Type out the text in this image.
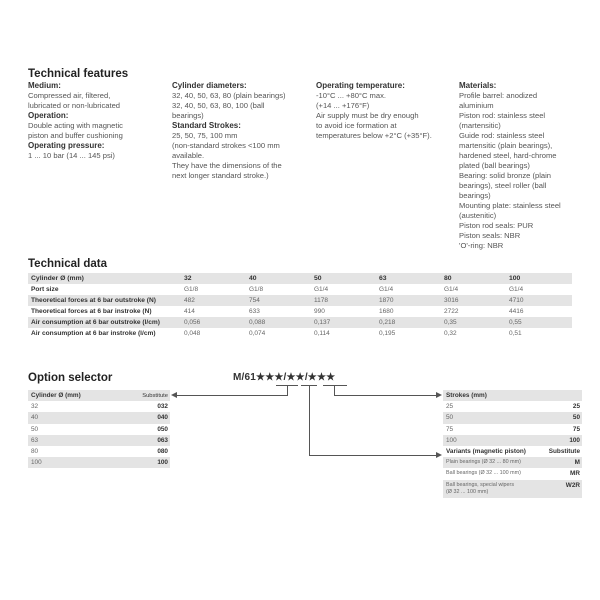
Technical features
Medium:
Compressed air, filtered,
lubricated or non-lubricated
Operation:
Double acting with magnetic
piston and buffer cushioning
Operating pressure:
1 ... 10 bar (14 ... 145 psi)
Cylinder diameters:
32, 40, 50, 63, 80 (plain bearings)
32, 40, 50, 63, 80, 100 (ball
bearings)
Standard Strokes:
25, 50, 75, 100 mm
(non-standard strokes <100 mm
available.
They have the dimensions of the
next longer standard stroke.)
Operating temperature:
-10°C ... +80°C max.
(+14 ... +176°F)
Air supply must be dry enough
to avoid ice formation at
temperatures below +2°C (+35°F).
Materials:
Profile barrel: anodized
aluminium
Piston rod: stainless steel
(martensitic)
Guide rod: stainless steel
martensitic (plain bearings),
hardened steel, hard-chrome
plated (ball bearings)
Bearing: solid bronze (plain
bearings), steel roller (ball
bearings)
Mounting plate: stainless steel
(austenitic)
Piston rod seals: PUR
Piston seals: NBR
'O'-ring: NBR
Technical data
Cylinder Ø (mm)	32	40	50	63	80	100
Port size	G1/8	G1/8	G1/4	G1/4	G1/4	G1/4
Theoretical forces at 6 bar outstroke (N)	482	754	1178	1870	3016	4710
Theoretical forces at 6 bar instroke (N)	414	633	990	1680	2722	4416
Air consumption at 6 bar outstroke (l/cm)	0,056	0,088	0,137	0,218	0,35	0,55
Air consumption at 6 bar instroke (l/cm)	0,048	0,074	0,114	0,195	0,32	0,51
Option selector	M/61★★★/★★/★★★
Cylinder Ø (mm)	Substitute
32	032
40	040
50	050
63	063
80	080
100	100
Strokes (mm)	
25	25
50	50
75	75
100	100
Variants (magnetic piston)	Substitute
Plain bearings (Ø 32 ... 80 mm)	M
Ball bearings (Ø 32 ... 100 mm)	MR
Ball bearings, special wipers
(Ø 32 ... 100 mm)	W2R
